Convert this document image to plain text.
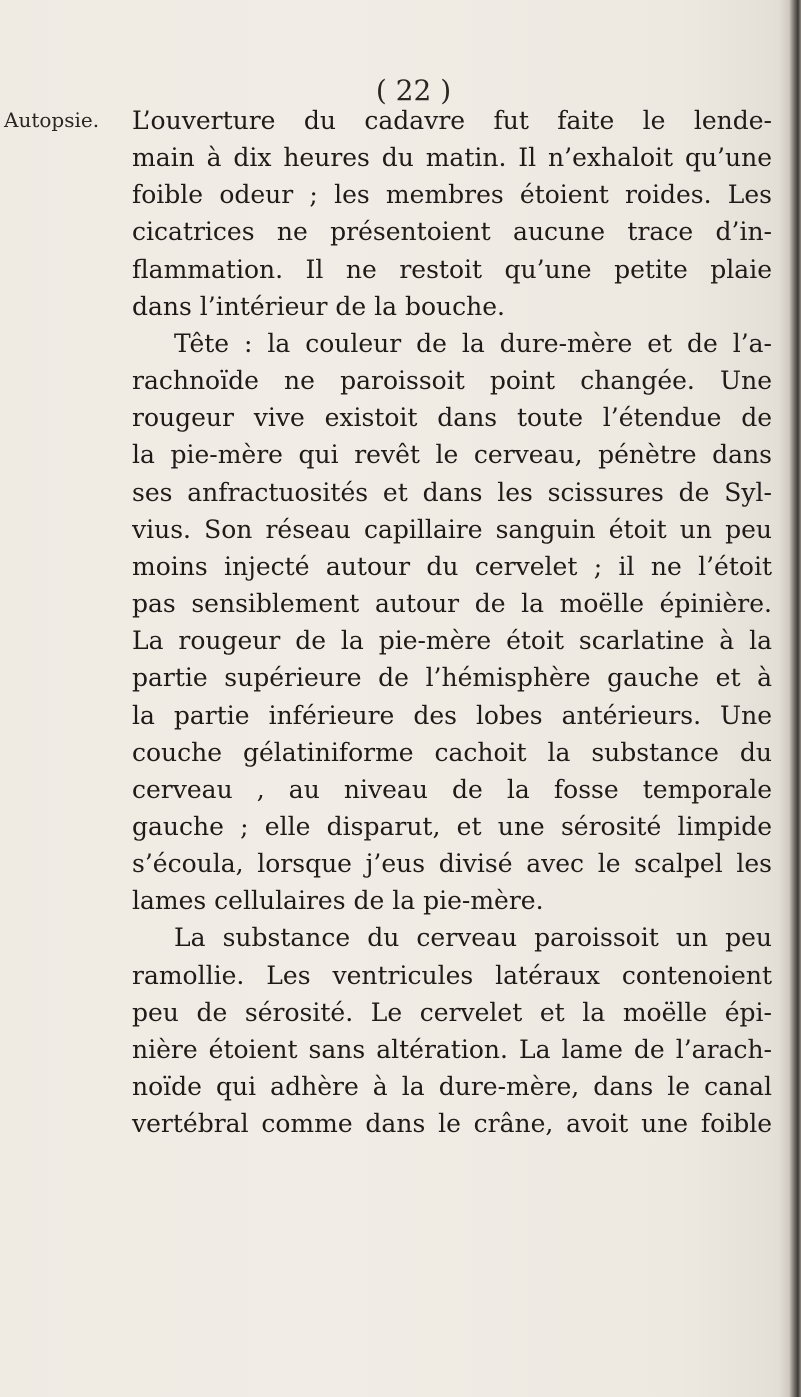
( 22 )
Autopsie. L’ouverture du cadavre fut faite le lende-
main à dix heures du matin. Il n’exhaloit qu’une
foible odeur ; les membres étoient roides. Les
cicatrices ne présentoient aucune trace d’in-
flammation. Il ne restoit qu’une petite plaie
dans l’intérieur de la bouche.
Tête : la couleur de la dure-mère et de l’a-
rachnoïde ne paroissoit point changée. Une
rougeur vive existoit dans toute l’étendue de
la pie-mère qui revêt le cerveau, pénètre dans
ses anfractuosités et dans les scissures de Syl-
vius. Son réseau capillaire sanguin étoit un peu
moins injecté autour du cervelet ; il ne l’étoit
pas sensiblement autour de la moëlle épinière.
La rougeur de la pie-mère étoit scarlatine à la
partie supérieure de l’hémisphère gauche et à
la partie inférieure des lobes antérieurs. Une
couche gélatiniforme cachoit la substance du
cerveau , au niveau de la fosse temporale
gauche ; elle disparut, et une sérosité limpide
s’écoula, lorsque j’eus divisé avec le scalpel les
lames cellulaires de la pie-mère.
La substance du cerveau paroissoit un peu
ramollie. Les ventricules latéraux contenoient
peu de sérosité. Le cervelet et la moëlle épi-
nière étoient sans altération. La lame de l’arach-
noïde qui adhère à la dure-mère, dans le canal
vertébral comme dans le crâne, avoit une foible
